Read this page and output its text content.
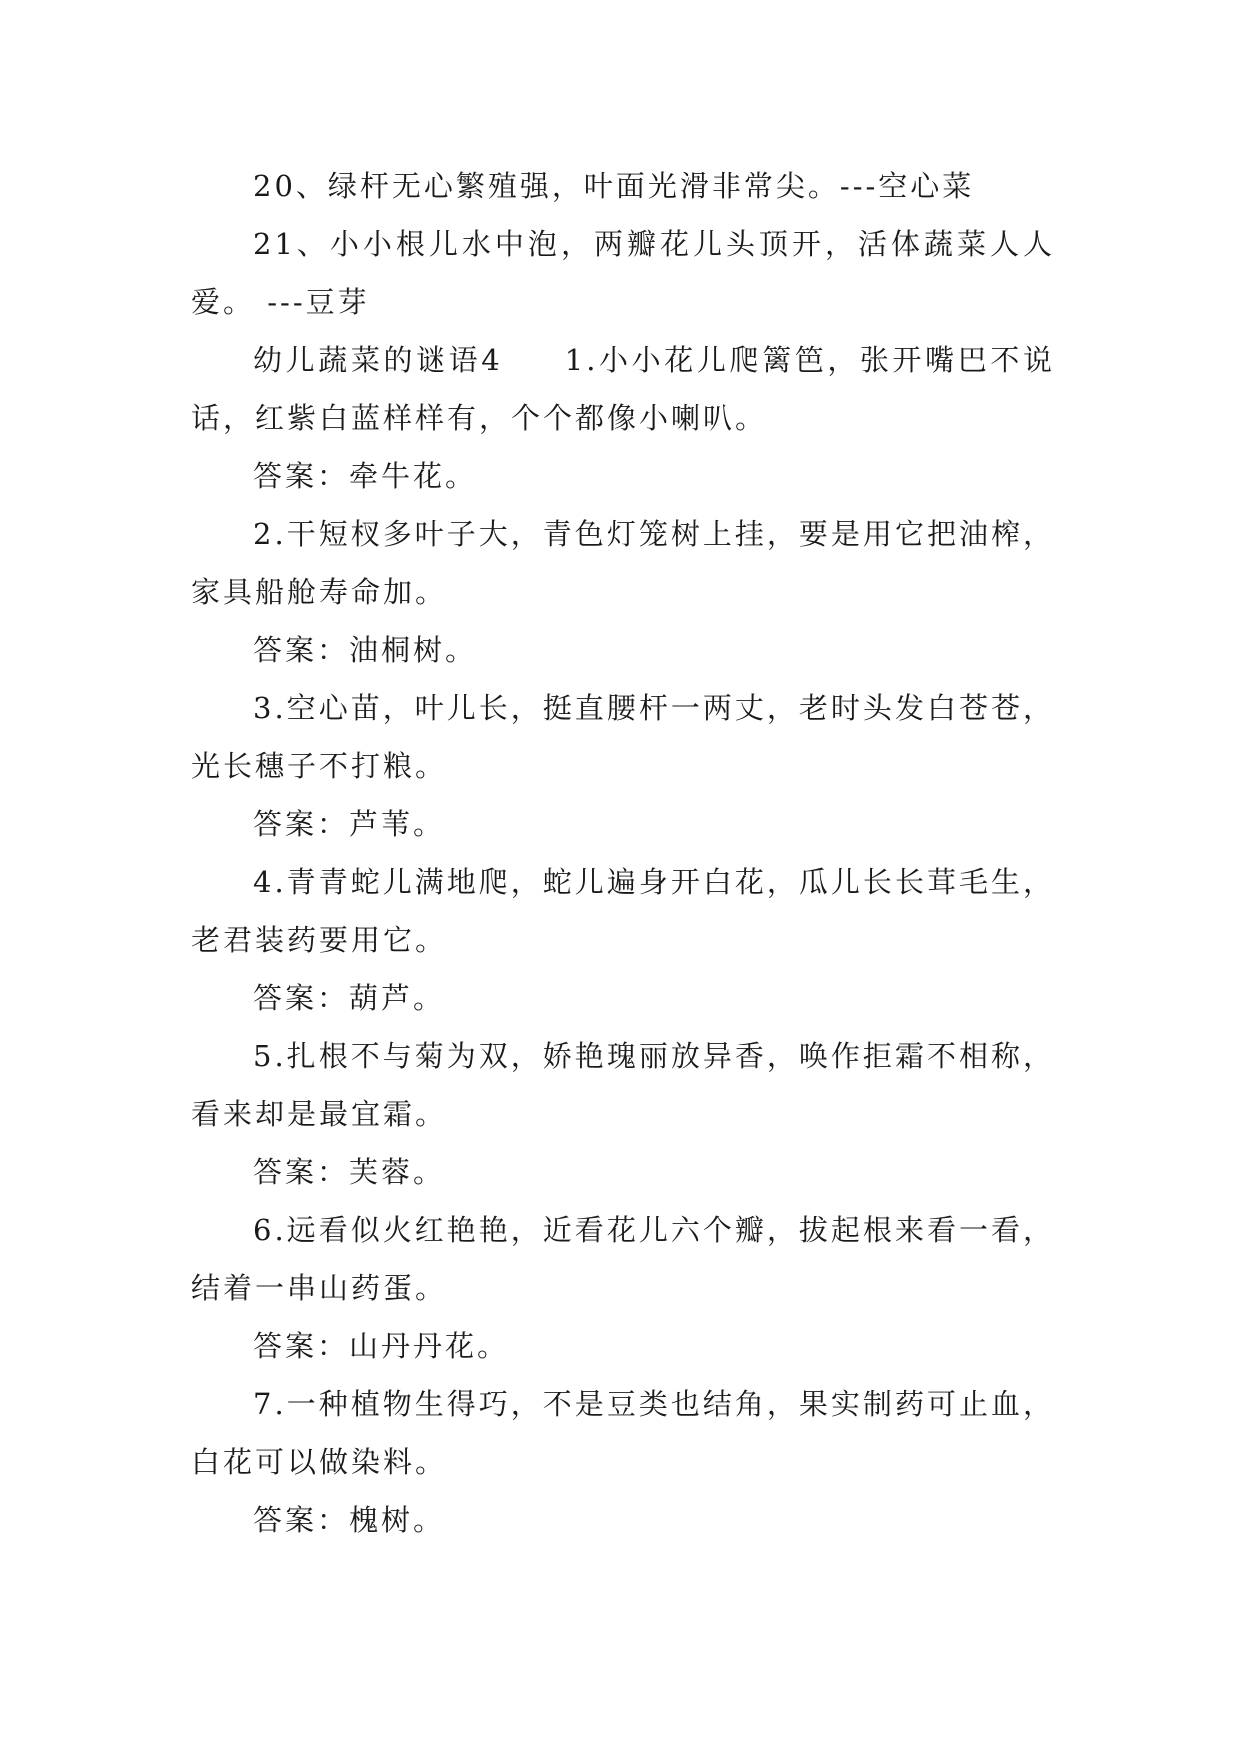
20、绿杆无心繁殖强，叶面光滑非常尖。---空心菜

21、小小根儿水中泡，两瓣花儿头顶开，活体蔬菜人人爱。 ---豆芽

幼儿蔬菜的谜语4 1.小小花儿爬篱笆，张开嘴巴不说话，红紫白蓝样样有，个个都像小喇叭。

答案：牵牛花。

2.干短杈多叶子大，青色灯笼树上挂，要是用它把油榨，家具船舱寿命加。

答案：油桐树。

3.空心苗，叶儿长，挺直腰杆一两丈，老时头发白苍苍，光长穗子不打粮。

答案：芦苇。

4.青青蛇儿满地爬，蛇儿遍身开白花，瓜儿长长茸毛生，老君装药要用它。

答案：葫芦。

5.扎根不与菊为双，娇艳瑰丽放异香，唤作拒霜不相称，看来却是最宜霜。

答案：芙蓉。

6.远看似火红艳艳，近看花儿六个瓣，拔起根来看一看，结着一串山药蛋。

答案：山丹丹花。

7.一种植物生得巧，不是豆类也结角，果实制药可止血，白花可以做染料。

答案：槐树。
